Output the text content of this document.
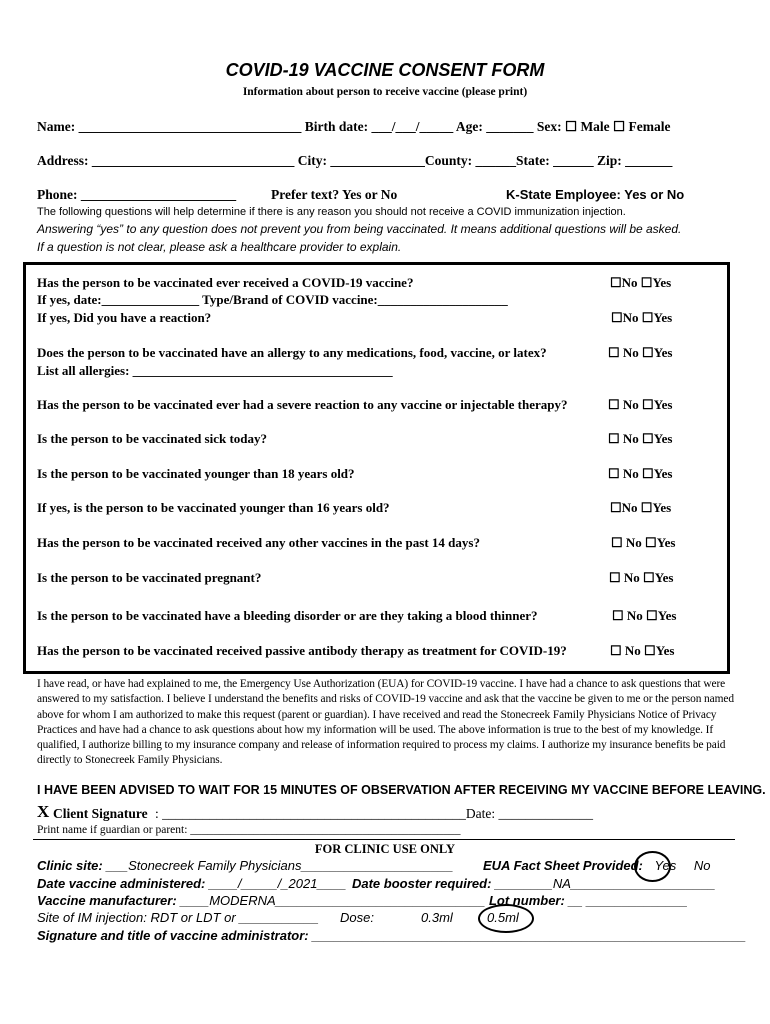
COVID-19 VACCINE CONSENT FORM
Information about person to receive vaccine (please print)
Name: _________________________________ Birth date: ___/___/_____ Age: _______ Sex: ☐ Male ☐ Female
Address: ______________________________ City: ______________County: ______State: ______ Zip: _______
Phone: _______________________	Prefer text? Yes or No	K-State Employee: Yes or No
The following questions will help determine if there is any reason you should not receive a COVID immunization injection.
Answering “yes” to any question does not prevent you from being vaccinated. It means additional questions will be asked.
If a question is not clear, please ask a healthcare provider to explain.
Has the person to be vaccinated ever received a COVID-19 vaccine?	☐No ☐Yes
If yes, date:_______________ Type/Brand of COVID vaccine:____________________
If yes, Did you have a reaction?	☐No ☐Yes
Does the person to be vaccinated have an allergy to any medications, food, vaccine, or latex?	☐ No ☐Yes
List all allergies: ________________________________________
Has the person to be vaccinated ever had a severe reaction to any vaccine or injectable therapy?	☐ No ☐Yes
Is the person to be vaccinated sick today?	☐ No ☐Yes
Is the person to be vaccinated younger than 18 years old?	☐ No ☐Yes
If yes, is the person to be vaccinated younger than 16 years old?	☐No ☐Yes
Has the person to be vaccinated received any other vaccines in the past 14 days?	☐ No ☐Yes
Is the person to be vaccinated pregnant?	☐ No ☐Yes
Is the person to be vaccinated have a bleeding disorder or are they taking a blood thinner?	☐ No ☐Yes
Has the person to be vaccinated received passive antibody therapy as treatment for COVID-19?	☐ No ☐Yes
I have read, or have had explained to me, the Emergency Use Authorization (EUA) for COVID-19 vaccine. I have had a chance to ask questions that were answered to my satisfaction. I believe I understand the benefits and risks of COVID-19 vaccine and ask that the vaccine be given to me or the person named above for whom I am authorized to make this request (parent or guardian). I have received and read the Stonecreek Family Physicians Notice of Privacy Practices and have had a chance to ask questions about how my information will be used. The above information is true to the best of my knowledge. If qualified, I authorize billing to my insurance company and release of information required to process my claims. I authorize my insurance benefits be paid directly to Stonecreek Family Physicians.
I HAVE BEEN ADVISED TO WAIT FOR 15 MINUTES OF OBSERVATION AFTER RECEIVING MY VACCINE BEFORE LEAVING.
X Client Signature : _____________________________________________Date: ______________
Print name if guardian or parent: _______________________________________________
FOR CLINIC USE ONLY
Clinic site: ___Stonecreek Family Physicians_____________________ EUA Fact Sheet Provided: Yes No
Date vaccine administered: ____/_____/_2021____ Date booster required: ________NA____________________
Vaccine manufacturer: ____MODERNA_____________________________ Lot number: __ ______________
Site of IM injection: RDT or LDT or ___________ Dose:	0.3ml	0.5ml
Signature and title of vaccine administrator: ____________________________________________________________
